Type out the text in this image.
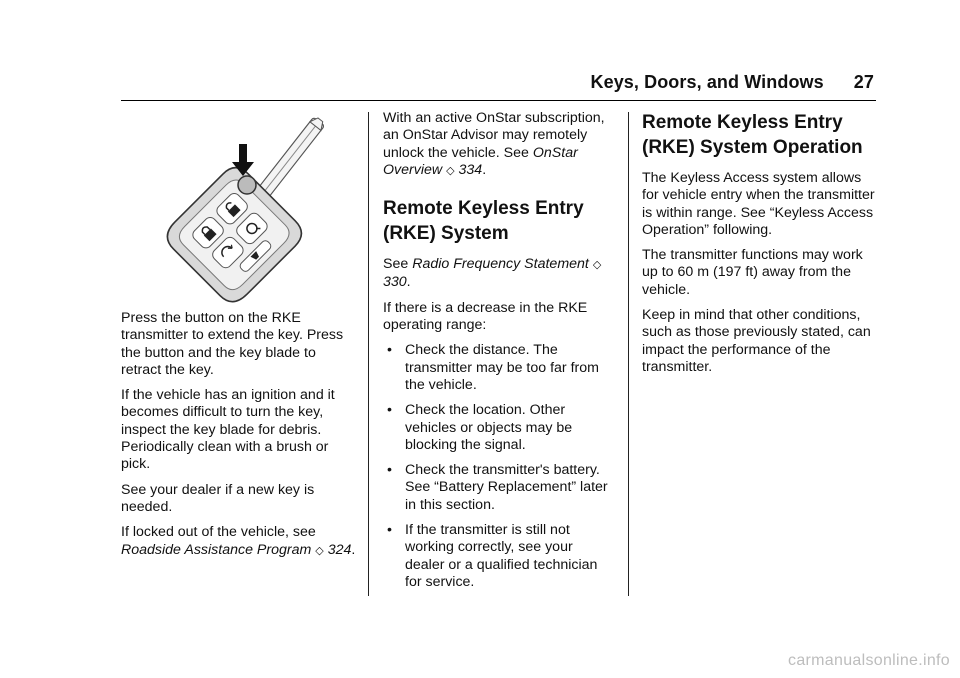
Keys, Doors, and Windows 27

Press the button on the RKE transmitter to extend the key. Press the button and the key blade to retract the key.

If the vehicle has an ignition and it becomes difficult to turn the key, inspect the key blade for debris. Periodically clean with a brush or pick.

See your dealer if a new key is needed.

If locked out of the vehicle, see
Roadside Assistance Program ◇ 324.

With an active OnStar subscription, an OnStar Advisor may remotely unlock the vehicle. See OnStar Overview ◇ 334.

Remote Keyless Entry (RKE) System

See Radio Frequency Statement ◇ 330.

If there is a decrease in the RKE operating range:

• Check the distance. The transmitter may be too far from the vehicle.
• Check the location. Other vehicles or objects may be blocking the signal.
• Check the transmitter's battery. See “Battery Replacement” later in this section.
• If the transmitter is still not working correctly, see your dealer or a qualified technician for service.
Remote Keyless Entry (RKE) System Operation

The Keyless Access system allows for vehicle entry when the transmitter is within range. See “Keyless Access Operation” following.

The transmitter functions may work up to 60 m (197 ft) away from the vehicle.

Keep in mind that other conditions, such as those previously stated, can impact the performance of the transmitter.

carmanualsonline.info
